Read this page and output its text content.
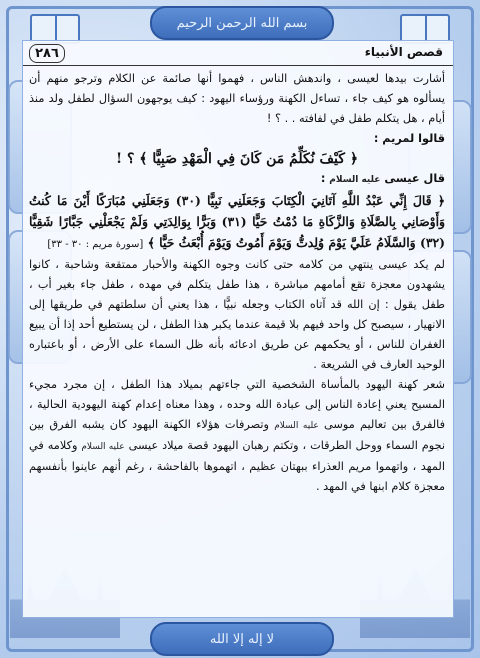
بسم الله الرحمن الرحيم
لا إله إلا الله
٢٨٦	قصص الأنبياء

أشارت بيدها لعيسى ، واندهش الناس ، فهموا أنها صائمة عن الكلام وترجو منهم أن يسألوه هو كيف جاء ، تساءل الكهنة ورؤساء اليهود : كيف يوجهون السؤال لطفل ولد منذ أيام ، هل يتكلم طفل في لفافته . . ؟ !

قالوا لمريم :

﴿ كَيْفَ نُكَلِّمُ مَن كَانَ فِي الْمَهْدِ صَبِيًّا ﴾ ؟ !

قال عيسى عليه السلام :

﴿ قَالَ إِنِّي عَبْدُ اللَّهِ آتَانِيَ الْكِتَابَ وَجَعَلَنِي نَبِيًّا (٣٠) وَجَعَلَنِي مُبَارَكًا أَيْنَ مَا كُنتُ وَأَوْصَانِي بِالصَّلَاةِ وَالزَّكَاةِ مَا دُمْتُ حَيًّا (٣١) وَبَرًّا بِوَالِدَتِي وَلَمْ يَجْعَلْنِي جَبَّارًا شَقِيًّا (٣٢) وَالسَّلَامُ عَلَيَّ يَوْمَ وُلِدتُّ وَيَوْمَ أَمُوتُ وَيَوْمَ أُبْعَثُ حَيًّا ﴾ [سورة مريم : ٣٠ - ٣٣]

لم يكد عيسى ينتهي من كلامه حتى كانت وجوه الكهنة والأحبار ممتقعة وشاحبة ، كانوا يشهدون معجزة تقع أمامهم مباشرة ، هذا طفل يتكلم في مهده ، طفل جاء بغير أب ، طفل يقول : إن الله قد آتاه الكتاب وجعله نبيًّا ، هذا يعني أن سلطتهم في طريقها إلى الانهيار ، سيصبح كل واحد فيهم بلا قيمة عندما يكبر هذا الطفل ، لن يستطيع أحد إذا أن يبيع الغفران للناس ، أو يحكمهم عن طريق ادعائه بأنه ظل السماء على الأرض ، أو باعتباره الوحيد العارف في الشريعة .

شعر كهنة اليهود بالمأساة الشخصية التي جاءتهم بميلاد هذا الطفل ، إن مجرد مجيء المسيح يعني إعادة الناس إلى عبادة الله وحده ، وهذا معناه إعدام كهنة اليهودية الحالية ، فالفرق بين تعاليم موسى عليه السلام وتصرفات هؤلاء الكهنة اليهود كان يشبه الفرق بين نجوم السماء ووحل الطرقات ، وتكتم رهبان اليهود قصة ميلاد عيسى عليه السلام وكلامه في المهد ، واتهموا مريم العذراء ببهتان عظيم ، اتهموها بالفاحشة ، رغم أنهم عاينوا بأنفسهم معجزة كلام ابنها في المهد .
